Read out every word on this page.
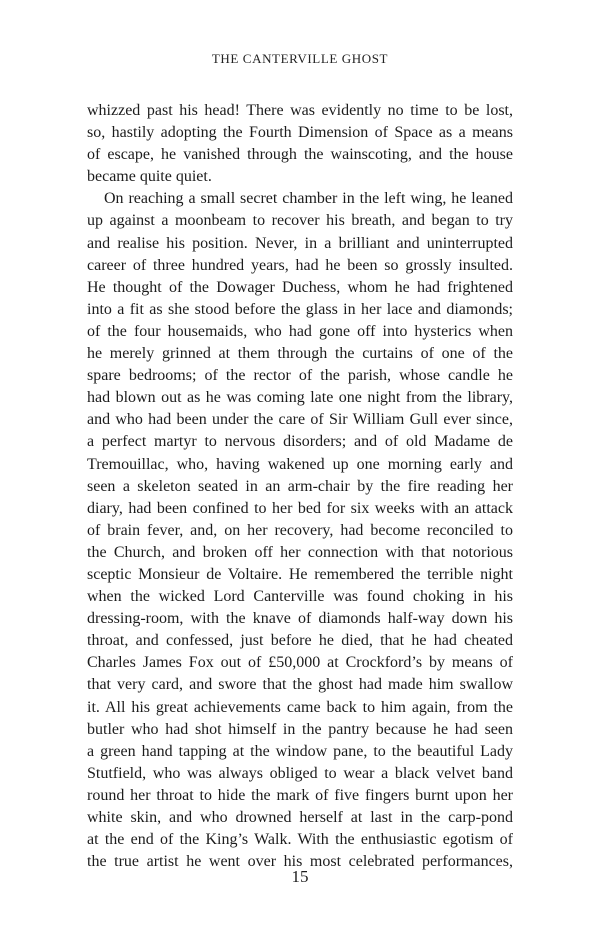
THE CANTERVILLE GHOST
whizzed past his head! There was evidently no time to be lost,
so, hastily adopting the Fourth Dimension of Space as a means
of escape, he vanished through the wainscoting, and the house
became quite quiet.
On reaching a small secret chamber in the left wing, he leaned
up against a moonbeam to recover his breath, and began to try
and realise his position. Never, in a brilliant and uninterrupted
career of three hundred years, had he been so grossly insulted.
He thought of the Dowager Duchess, whom he had frightened
into a fit as she stood before the glass in her lace and diamonds;
of the four housemaids, who had gone off into hysterics when
he merely grinned at them through the curtains of one of the
spare bedrooms; of the rector of the parish, whose candle he
had blown out as he was coming late one night from the library,
and who had been under the care of Sir William Gull ever since,
a perfect martyr to nervous disorders; and of old Madame de
Tremouillac, who, having wakened up one morning early and
seen a skeleton seated in an arm-chair by the fire reading her
diary, had been confined to her bed for six weeks with an attack
of brain fever, and, on her recovery, had become reconciled to
the Church, and broken off her connection with that notorious
sceptic Monsieur de Voltaire. He remembered the terrible night
when the wicked Lord Canterville was found choking in his
dressing-room, with the knave of diamonds half-way down his
throat, and confessed, just before he died, that he had cheated
Charles James Fox out of £50,000 at Crockford’s by means of
that very card, and swore that the ghost had made him swallow
it. All his great achievements came back to him again, from the
butler who had shot himself in the pantry because he had seen
a green hand tapping at the window pane, to the beautiful Lady
Stutfield, who was always obliged to wear a black velvet band
round her throat to hide the mark of five fingers burnt upon her
white skin, and who drowned herself at last in the carp-pond
at the end of the King’s Walk. With the enthusiastic egotism of
the true artist he went over his most celebrated performances,
15
